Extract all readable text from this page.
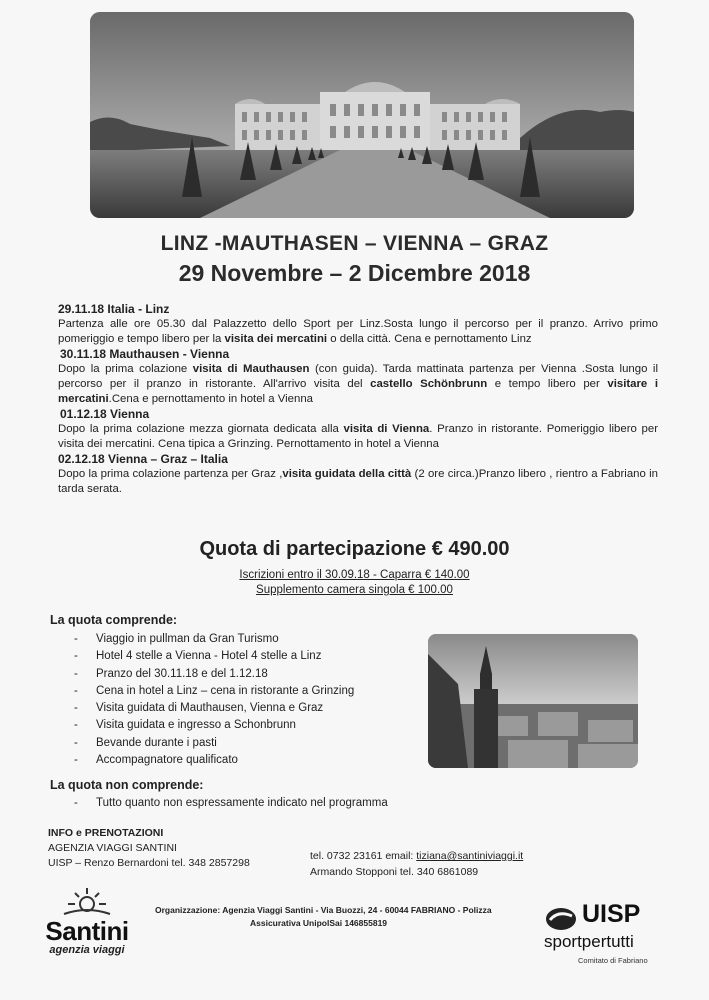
LINZ -MAUTHASEN – VIENNA – GRAZ
29 Novembre – 2 Dicembre 2018
29.11.18 Italia - Linz

Partenza alle ore 05.30 dal Palazzetto dello Sport per Linz.Sosta lungo il percorso per il pranzo. Arrivo primo pomeriggio e tempo libero per la visita dei mercatini o della città. Cena e pernottamento Linz

30.11.18 Mauthausen - Vienna

Dopo la prima colazione visita di Mauthausen (con guida). Tarda mattinata partenza per Vienna .Sosta lungo il percorso per il pranzo in ristorante. All'arrivo visita del castello Schönbrunn e tempo libero per visitare i mercatini.Cena e pernottamento in hotel a Vienna

01.12.18 Vienna

Dopo la prima colazione mezza giornata dedicata alla visita di Vienna. Pranzo in ristorante. Pomeriggio libero per visita dei mercatini. Cena tipica a Grinzing. Pernottamento in hotel a Vienna

02.12.18 Vienna – Graz – Italia

Dopo la prima colazione partenza per Graz ,visita guidata della città (2 ore circa.)Pranzo libero , rientro a Fabriano in tarda serata.

Quota di partecipazione € 490.00
Iscrizioni entro il 30.09.18 - Caparra € 140.00
Supplemento camera singola € 100.00
La quota comprende:
- Viaggio in pullman da Gran Turismo
- Hotel 4 stelle a Vienna - Hotel 4 stelle a Linz
- Pranzo del 30.11.18 e del 1.12.18
- Cena in hotel a Linz – cena in ristorante a Grinzing
- Visita guidata di Mauthausen, Vienna e Graz
- Visita guidata e ingresso a Schonbrunn
- Bevande durante i pasti
- Accompagnatore qualificato
La quota non comprende:
- Tutto quanto non espressamente indicato nel programma
INFO e PRENOTAZIONI
AGENZIA VIAGGI SANTINI
UISP – Renzo Bernardoni tel. 348 2857298
tel. 0732 23161 email: tiziana@santiniviaggi.it
Armando Stopponi tel. 340 6861089
Santini
agenzia viaggi
Organizzazione: Agenzia Viaggi Santini - Via Buozzi, 24 - 60044 FABRIANO - Polizza
Assicurativa UnipolSai 146855819	UISP
sportpertutti
Comitato di Fabriano
